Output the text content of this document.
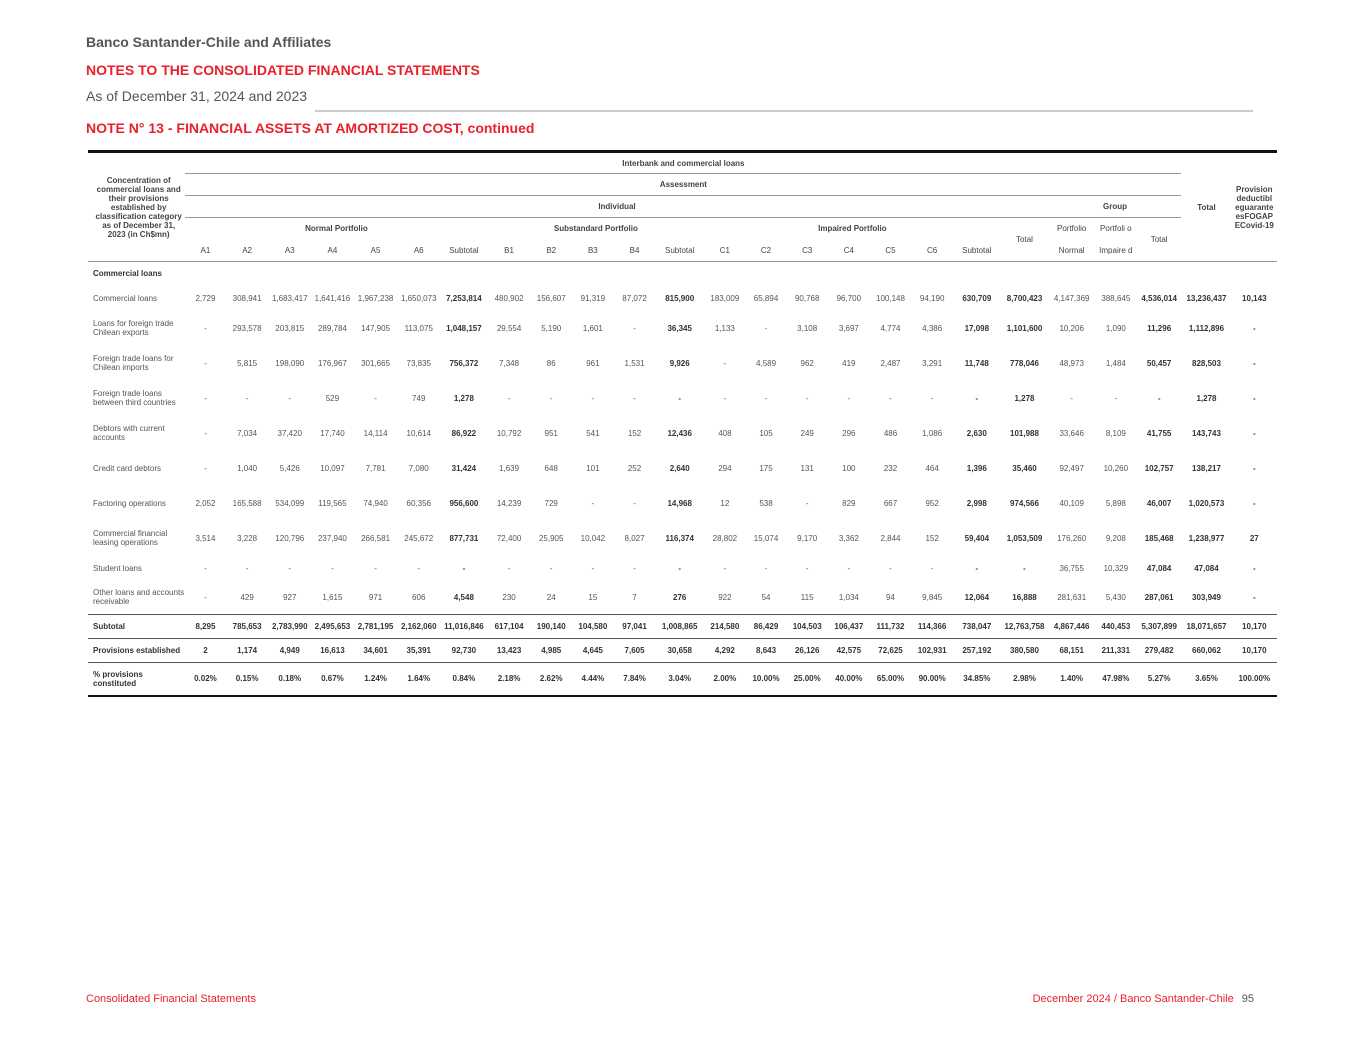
Banco Santander-Chile and Affiliates
NOTES TO THE CONSOLIDATED FINANCIAL STATEMENTS
As of December 31, 2024 and 2023
NOTE N° 13 - FINANCIAL ASSETS AT AMORTIZED COST, continued
Concentration of commercial loans and their provisions established by classification category as of December 31, 2023 (in Ch$mn)	Interbank and commercial loans																							Total	Provision deductibl eguarante esFOGAP ECovid-19
	Assessment																								
	Individual																				Group				
	Normal Portfolio							Substandard Portfolio					Impaired Portfolio							Total	Portfolio	Portfoli o	Total		
	A1	A2	A3	A4	A5	A6	Subtotal	B1	B2	B3	B4	Subtotal	C1	C2	C3	C4	C5	C6	Subtotal		Normal	Impaire d			
Commercial loans																									
Commercial loans	2,729	308,941	1,683,417	1,641,416	1,967,238	1,650,073	7,253,814	480,902	156,607	91,319	87,072	815,900	183,009	65,894	90,768	96,700	100,148	94,190	630,709	8,700,423	4,147,369	388,645	4,536,014	13,236,437	10,143
Loans for foreign trade Chilean exports	-	293,578	203,815	289,784	147,905	113,075	1,048,157	29,554	5,190	1,601	-	36,345	1,133	-	3,108	3,697	4,774	4,386	17,098	1,101,600	10,206	1,090	11,296	1,112,896	-
Foreign trade loans for Chilean imports	-	5,815	198,090	176,967	301,665	73,835	756,372	7,348	86	961	1,531	9,926	-	4,589	962	419	2,487	3,291	11,748	778,046	48,973	1,484	50,457	828,503	-
Foreign trade loans between third countries	-	-	-	529	-	749	1,278	-	-	-	-	-	-	-	-	-	-	-	-	1,278	-	-	-	1,278	-
Debtors with current accounts	-	7,034	37,420	17,740	14,114	10,614	86,922	10,792	951	541	152	12,436	408	105	249	296	486	1,086	2,630	101,988	33,646	8,109	41,755	143,743	-
Credit card debtors	-	1,040	5,426	10,097	7,781	7,080	31,424	1,639	648	101	252	2,640	294	175	131	100	232	464	1,396	35,460	92,497	10,260	102,757	138,217	-
Factoring operations	2,052	165,588	534,099	119,565	74,940	60,356	956,600	14,239	729	-	-	14,968	12	538	-	829	667	952	2,998	974,566	40,109	5,898	46,007	1,020,573	-
Commercial financial leasing operations	3,514	3,228	120,796	237,940	266,581	245,672	877,731	72,400	25,905	10,042	8,027	116,374	28,802	15,074	9,170	3,362	2,844	152	59,404	1,053,509	176,260	9,208	185,468	1,238,977	27
Student loans	-	-	-	-	-	-	-	-	-	-	-	-	-	-	-	-	-	-	-	-	36,755	10,329	47,084	47,084	-
Other loans and accounts receivable	-	429	927	1,615	971	606	4,548	230	24	15	7	276	922	54	115	1,034	94	9,845	12,064	16,888	281,631	5,430	287,061	303,949	-
Subtotal	8,295	785,653	2,783,990	2,495,653	2,781,195	2,162,060	11,016,846	617,104	190,140	104,580	97,041	1,008,865	214,580	86,429	104,503	106,437	111,732	114,366	738,047	12,763,758	4,867,446	440,453	5,307,899	18,071,657	10,170
Provisions established	2	1,174	4,949	16,613	34,601	35,391	92,730	13,423	4,985	4,645	7,605	30,658	4,292	8,643	26,126	42,575	72,625	102,931	257,192	380,580	68,151	211,331	279,482	660,062	10,170
% provisions constituted	0.02%	0.15%	0.18%	0.67%	1.24%	1.64%	0.84%	2.18%	2.62%	4.44%	7.84%	3.04%	2.00%	10.00%	25.00%	40.00%	65.00%	90.00%	34.85%	2.98%	1.40%	47.98%	5.27%	3.65%	100.00%
Consolidated Financial Statements	December 2024 / Banco Santander-Chile 95
